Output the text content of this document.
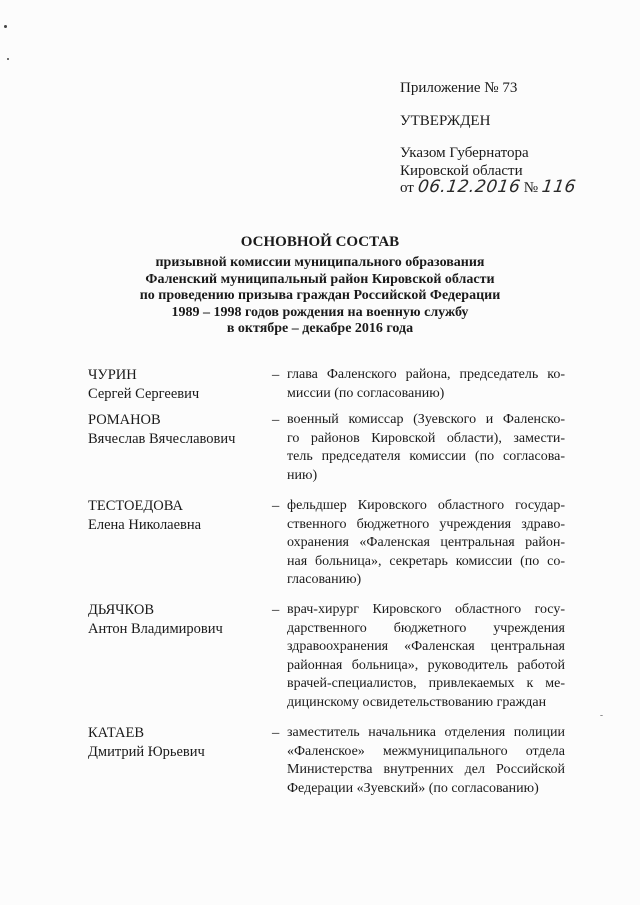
Приложение № 73
УТВЕРЖДЕН
Указом Губернатора
Кировской области
от 06.12.2016 № 116
ОСНОВНОЙ СОСТАВ
призывной комиссии муниципального образования
Фаленский муниципальный район Кировской области
по проведению призыва граждан Российской Федерации
1989 – 1998 годов рождения на военную службу
в октябре – декабре 2016 года
ЧУРИН
Сергей Сергеевич
– глава Фаленского района, председатель ко-
миссии (по согласованию)
РОМАНОВ
Вячеслав Вячеславович
– военный комиссар (Зуевского и Фаленско-
го районов Кировской области), замести-
тель председателя комиссии (по согласова-
нию)
ТЕСТОЕДОВА
Елена Николаевна
– фельдшер Кировского областного государ-
ственного бюджетного учреждения здраво-
охранения «Фаленская центральная район-
ная больница», секретарь комиссии (по со-
гласованию)
ДЬЯЧКОВ
Антон Владимирович
– врач-хирург Кировского областного госу-
дарственного бюджетного учреждения
здравоохранения «Фаленская центральная
районная больница», руководитель работой
врачей-специалистов, привлекаемых к ме-
дицинскому освидетельствованию граждан
КАТАЕВ
Дмитрий Юрьевич
– заместитель начальника отделения полиции
«Фаленское» межмуниципального отдела
Министерства внутренних дел Российской
Федерации «Зуевский» (по согласованию)
